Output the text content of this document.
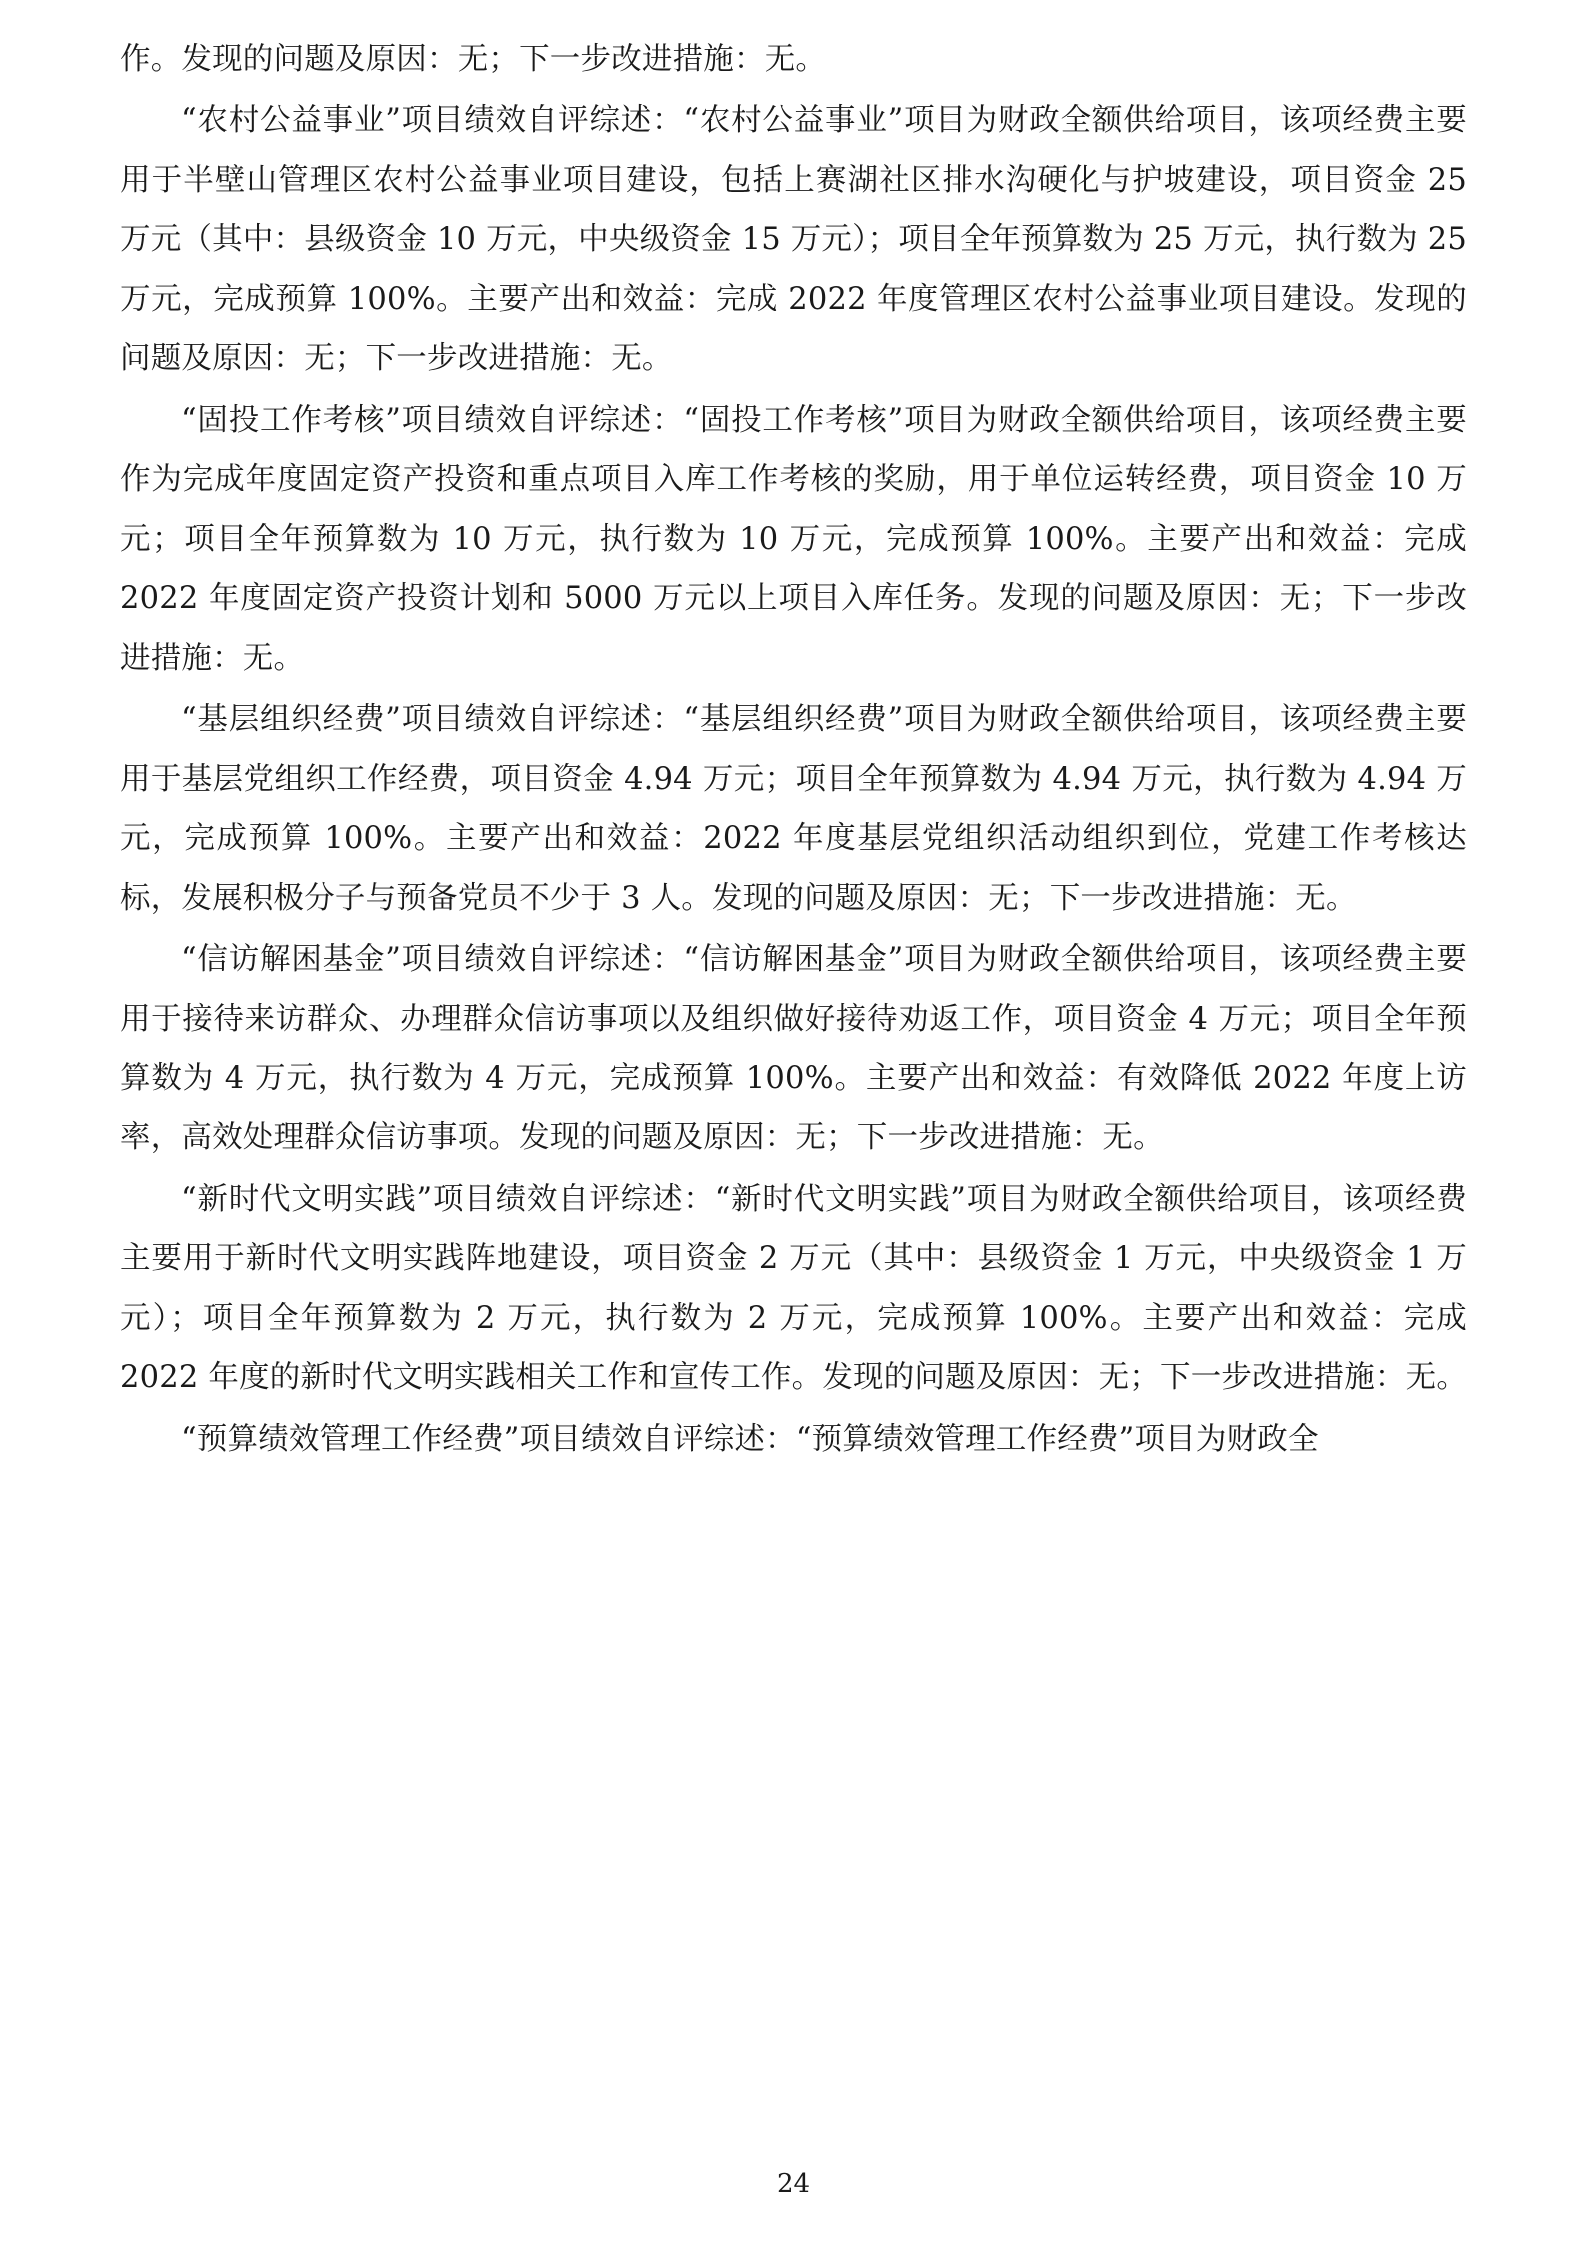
作。发现的问题及原因：无；下一步改进措施：无。

“农村公益事业”项目绩效自评综述：“农村公益事业”项目为财政全额供给项目，该项经费主要用于半壁山管理区农村公益事业项目建设，包括上赛湖社区排水沟硬化与护坡建设，项目资金 25 万元（其中：县级资金 10 万元，中央级资金 15 万元）；项目全年预算数为 25 万元，执行数为 25 万元，完成预算 100%。主要产出和效益：完成 2022 年度管理区农村公益事业项目建设。发现的问题及原因：无；下一步改进措施：无。

“固投工作考核”项目绩效自评综述：“固投工作考核”项目为财政全额供给项目，该项经费主要作为完成年度固定资产投资和重点项目入库工作考核的奖励，用于单位运转经费，项目资金 10 万元；项目全年预算数为 10 万元，执行数为 10 万元，完成预算 100%。主要产出和效益：完成 2022 年度固定资产投资计划和 5000 万元以上项目入库任务。发现的问题及原因：无；下一步改进措施：无。

“基层组织经费”项目绩效自评综述：“基层组织经费”项目为财政全额供给项目，该项经费主要用于基层党组织工作经费，项目资金 4.94 万元；项目全年预算数为 4.94 万元，执行数为 4.94 万元，完成预算 100%。主要产出和效益：2022 年度基层党组织活动组织到位，党建工作考核达标，发展积极分子与预备党员不少于 3 人。发现的问题及原因：无；下一步改进措施：无。

“信访解困基金”项目绩效自评综述：“信访解困基金”项目为财政全额供给项目，该项经费主要用于接待来访群众、办理群众信访事项以及组织做好接待劝返工作，项目资金 4 万元；项目全年预算数为 4 万元，执行数为 4 万元，完成预算 100%。主要产出和效益：有效降低 2022 年度上访率，高效处理群众信访事项。发现的问题及原因：无；下一步改进措施：无。

“新时代文明实践”项目绩效自评综述：“新时代文明实践”项目为财政全额供给项目，该项经费主要用于新时代文明实践阵地建设，项目资金 2 万元（其中：县级资金 1 万元，中央级资金 1 万元）；项目全年预算数为 2 万元，执行数为 2 万元，完成预算 100%。主要产出和效益：完成 2022 年度的新时代文明实践相关工作和宣传工作。发现的问题及原因：无；下一步改进措施：无。

“预算绩效管理工作经费”项目绩效自评综述：“预算绩效管理工作经费”项目为财政全

24
